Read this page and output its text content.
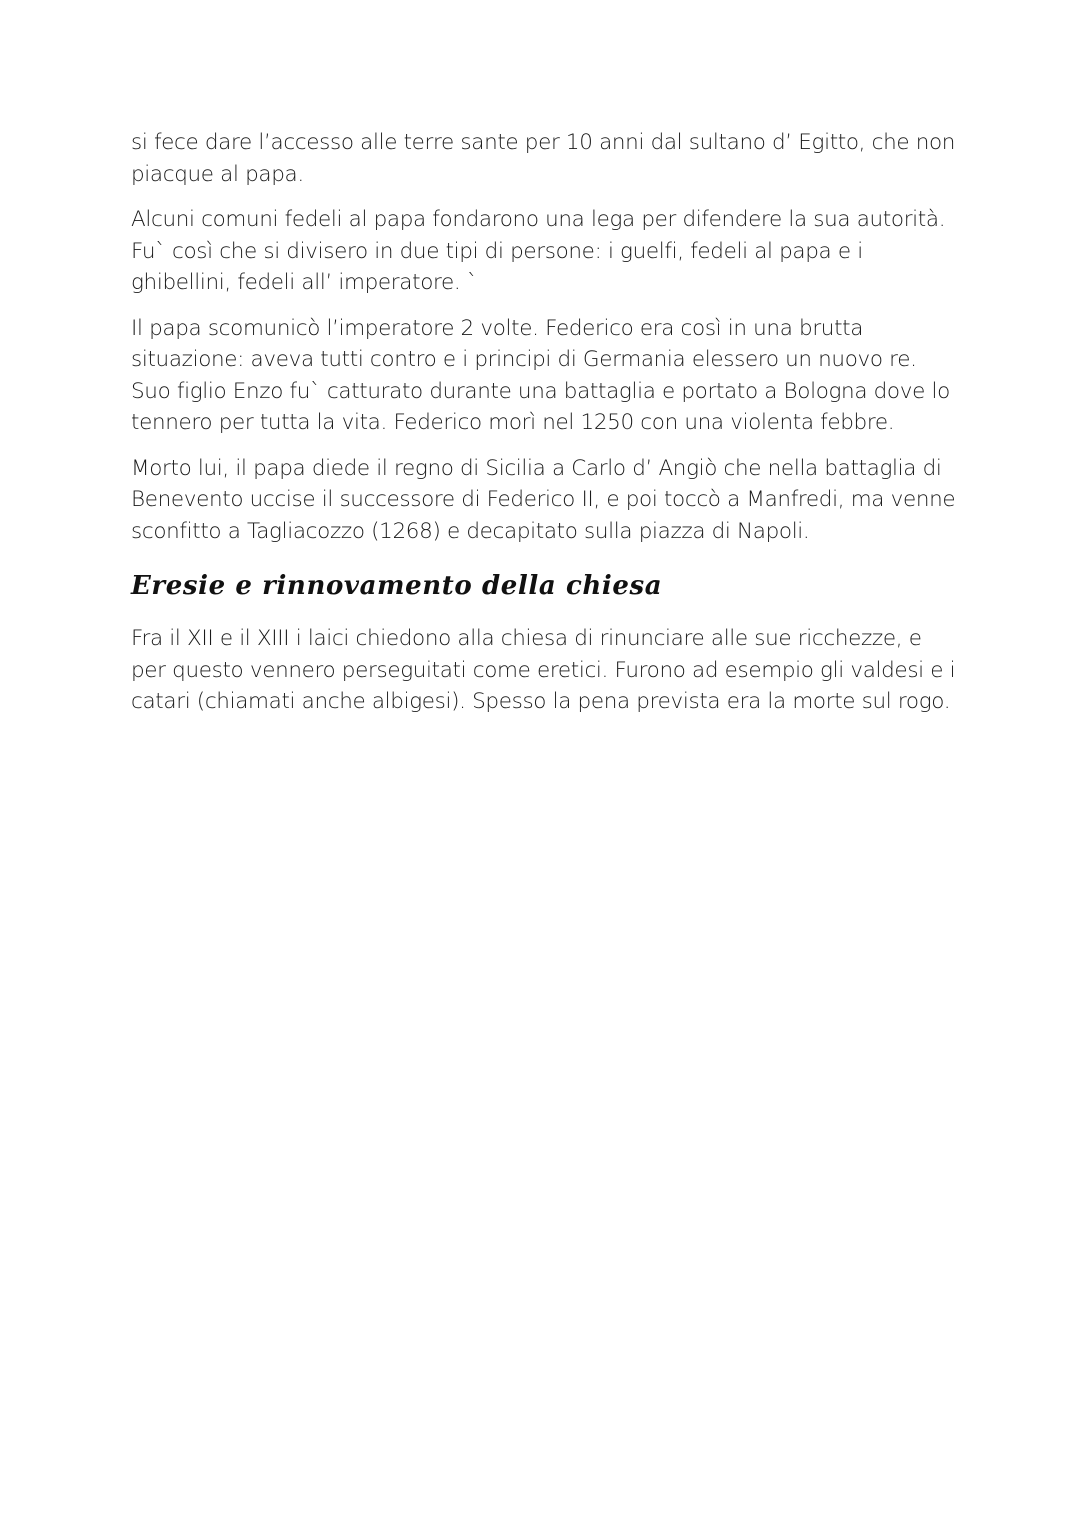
si fece dare l’accesso alle terre sante per 10 anni dal sultano d’ Egitto, che non piacque al papa.

Alcuni comuni fedeli al papa fondarono una lega per difendere la sua autorità. Fu` così che si divisero in due tipi di persone: i guelfi, fedeli al papa e i ghibellini, fedeli all’ imperatore. `

Il papa scomunicò l’imperatore 2 volte. Federico era così in una brutta situazione: aveva tutti contro e i principi di Germania elessero un nuovo re. Suo figlio Enzo fu` catturato durante una battaglia e portato a Bologna dove lo tennero per tutta la vita. Federico morì nel 1250 con una violenta febbre.

Morto lui, il papa diede il regno di Sicilia a Carlo d’ Angiò che nella battaglia di Benevento uccise il successore di Federico II, e poi toccò a Manfredi, ma venne sconfitto a Tagliacozzo (1268) e decapitato sulla piazza di Napoli.

Eresie e rinnovamento della chiesa

Fra il XII e il XIII i laici chiedono alla chiesa di rinunciare alle sue ricchezze, e per questo vennero perseguitati come eretici. Furono ad esempio gli valdesi e i catari (chiamati anche albigesi). Spesso la pena prevista era la morte sul rogo.
